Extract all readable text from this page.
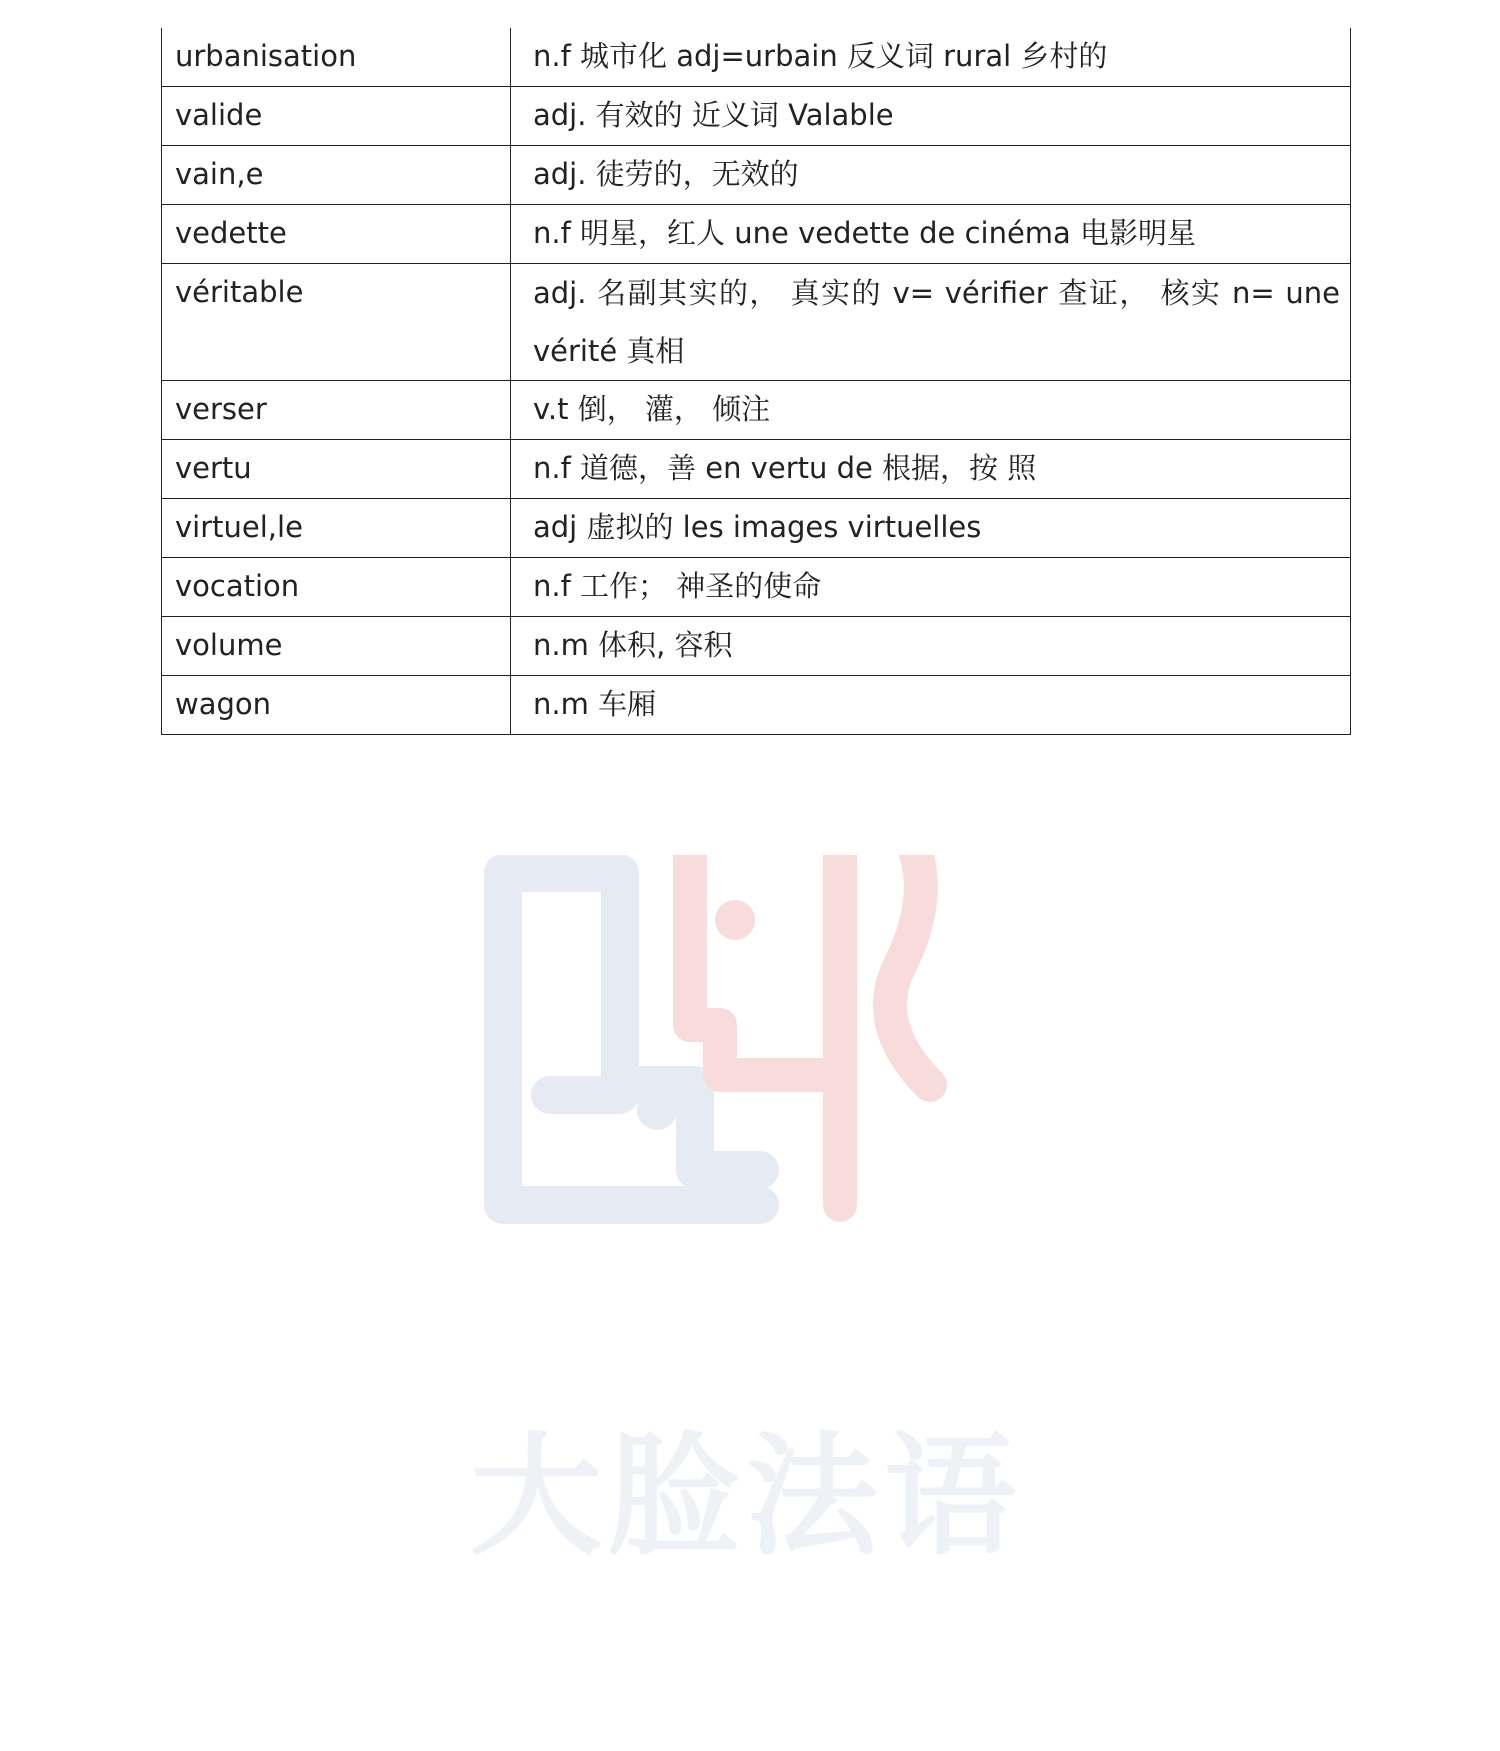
urbanisation	n.f 城市化 adj=urbain 反义词 rural 乡村的
valide	adj. 有效的 近义词 Valable
vain,e	adj. 徒劳的，无效的
vedette	n.f 明星，红人 une vedette de cinéma 电影明星
véritable	adj. 名副其实的， 真实的 v= vérifier 查证， 核实 n= une vérité 真相
verser	v.t 倒， 灌， 倾注
vertu	n.f 道德，善 en vertu de 根据，按 照
virtuel,le	adj 虚拟的 les images virtuelles
vocation	n.f 工作； 神圣的使命
volume	n.m 体积, 容积
wagon	n.m 车厢
大脸法语
